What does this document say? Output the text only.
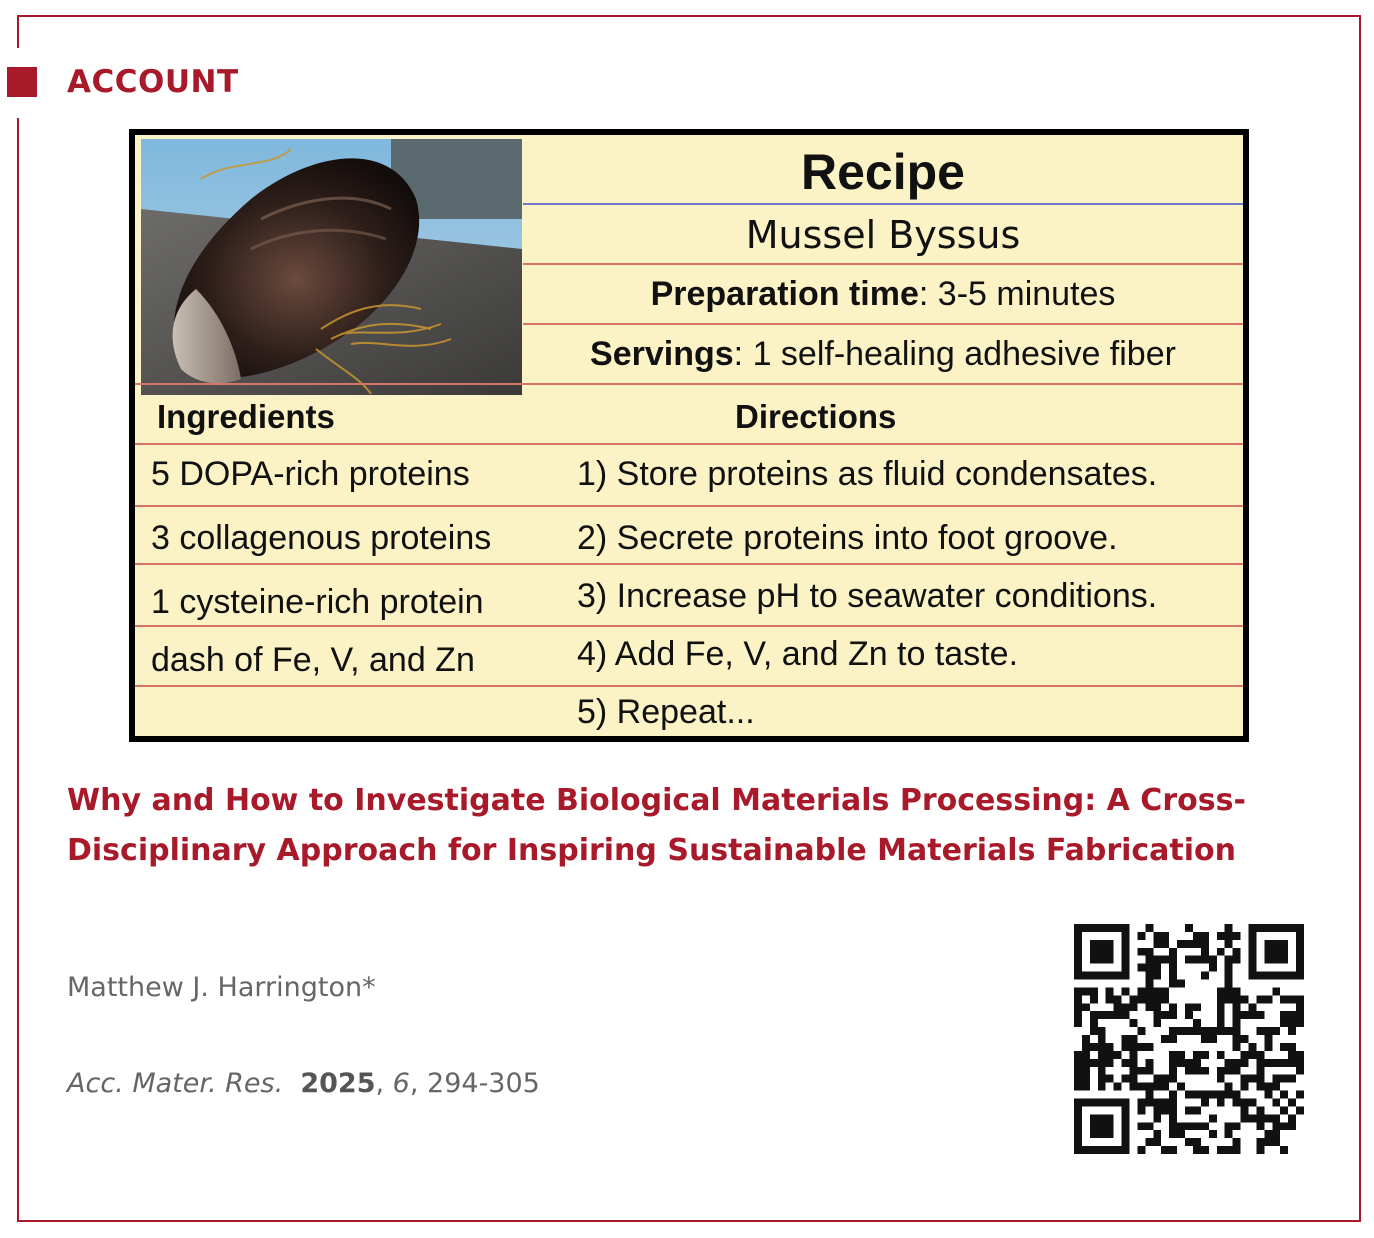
ACCOUNT
Recipe
Mussel Byssus
Preparation time: 3-5 minutes
Servings: 1 self-healing adhesive fiber
Ingredients	Directions
5 DOPA-rich proteins
3 collagenous proteins
1 cysteine-rich protein
dash of Fe, V, and Zn
1) Store proteins as fluid condensates.
2) Secrete proteins into foot groove.
3) Increase pH to seawater conditions.
4) Add Fe, V, and Zn to taste.
5) Repeat...
Why and How to Investigate Biological Materials Processing: A Cross-Disciplinary Approach for Inspiring Sustainable Materials Fabrication
Matthew J. Harrington*
Acc. Mater. Res. 2025, 6, 294-305
